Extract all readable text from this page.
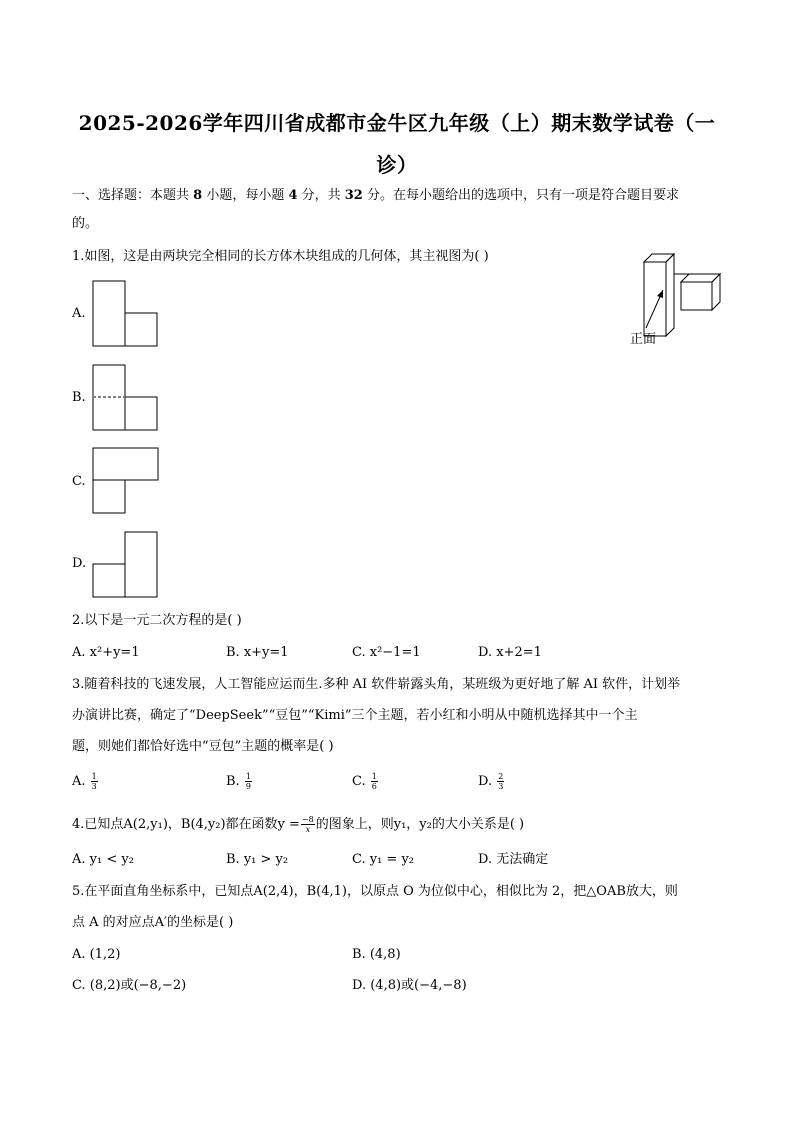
2025-2026学年四川省成都市金牛区九年级（上）期末数学试卷（一
诊）
一、选择题：本题共 8 小题，每小题 4 分，共 32 分。在每小题给出的选项中，只有一项是符合题目要求
的。
1.如图，这是由两块完全相同的长方体木块组成的几何体，其主视图为( )
正面
A.
B.
C.
D.
2.以下是一元二次方程的是( )
A. x²+y=1	B. x+y=1	C. x²−1=1	D. x+2=1
3.随着科技的飞速发展，人工智能应运而生.多种 AI 软件崭露头角，某班级为更好地了解 AI 软件，计划举
办演讲比赛，确定了“DeepSeek”“豆包”“Kimi”三个主题，若小红和小明从中随机选择其中一个主
题，则她们都恰好选中“豆包”主题的概率是( )
A. $\frac{1}{3}$	B. $\frac{1}{9}$	C. $\frac{1}{6}$	D. $\frac{2}{3}$
4.已知点A(2,y₁)，B(4,y₂)都在函数$y = \frac{-8}{x}$ 的图象上，则y₁，y₂的大小关系是( )
A. y₁ < y₂	B. y₁ > y₂	C. y₁ = y₂	D. 无法确定
5.在平面直角坐标系中，已知点A(2,4)，B(4,1)，以原点 O 为位似中心，相似比为 2，把△OAB放大，则
点 A 的对应点A′的坐标是( )
A. (1,2)	B. (4,8)
C. (8,2)或(−8,−2)	D. (4,8)或(−4,−8)
